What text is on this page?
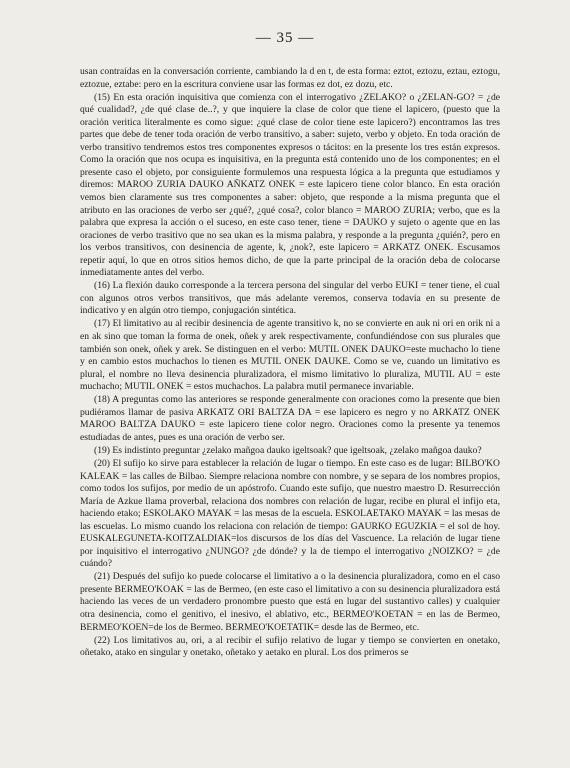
— 35 —

usan contraídas en la conversación corriente, cambiando la d en t, de esta forma: eztot, eztozu, eztau, eztogu, eztozue, eztabe: pero en la escritura conviene usar las formas ez dot, ez dozu, etc.

(15) En esta oración inquisitiva que comienza con el interrogativo ¿ZELAKO? o ¿ZELAN-GO? = ¿de qué cualidad?, ¿de qué clase de..?, y que inquiere la clase de color que tiene el lapicero, (puesto que la oración veritica literalmente es como sigue: ¿qué clase de color tiene este lapicero?) encontramos las tres partes que debe de tener toda oración de verbo transitivo, a saber: sujeto, verbo y objeto. En toda oración de verbo transitivo tendremos estos tres componentes expresos o tácitos: en la presente los tres están expresos. Como la oración que nos ocupa es inquisitiva, en la pregunta está contenido uno de los componentes; en el presente caso el objeto, por consiguiente formulemos una respuesta lógica a la pregunta que estudiamos y diremos: MAROO ZURIA DAUKO AÑKATZ ONEK = este lapicero tiene color blanco. En esta oración vemos bien claramente sus tres componentes a saber: objeto, que responde a la misma pregunta que el atributo en las oraciones de verbo ser ¿qué?, ¿qué cosa?, color blanco = MAROO ZURIA; verbo, que es la palabra que expresa la acción o el suceso, en este caso tener, tiene = DAUKO y sujeto o agente que en las oraciones de verbo trasitivo que no sea ukan es la misma palabra, y responde a la pregunta ¿quién?, pero en los verbos transitivos, con desinencia de agente, k, ¿nok?, este lapicero = ARKATZ ONEK. Escusamos repetir aquí, lo que en otros sitios hemos dicho, de que la parte principal de la oración deba de colocarse inmediatamente antes del verbo.

(16) La flexión dauko corresponde a la tercera persona del singular del verbo EUKI = tener tiene, el cual con algunos otros verbos transitivos, que más adelante veremos, conserva todavía en su presente de indicativo y en algún otro tiempo, conjugación sintética.

(17) El limitativo au al recibir desinencia de agente transitivo k, no se convierte en auk ni ori en orik ni a en ak sino que toman la forma de onek, oñek y arek respectivamente, confundiéndose con sus plurales que también son onek, oñek y arek. Se distinguen en el verbo: MUTIL ONEK DAUKO=este muchacho lo tiene y en cambio estos muchachos lo tienen es MUTIL ONEK DAUKE. Como se ve, cuando un limitativo es plural, el nombre no lleva desinencia pluralizadora, el mismo limitativo lo pluraliza, MUTIL AU = este muchacho; MUTIL ONEK = estos muchachos. La palabra mutil permanece invariable.

(18) A preguntas como las anteriores se responde generalmente con oraciones como la presente que bien pudiéramos llamar de pasiva ARKATZ ORI BALTZA DA = ese lapicero es negro y no ARKATZ ONEK MAROO BALTZA DAUKO = este lapicero tiene color negro. Oraciones como la presente ya tenemos estudiadas de antes, pues es una oración de verbo ser.

(19) Es indistinto preguntar ¿zelako mañgoa dauko igeltsoak? que igeltsoak, ¿zelako mañgoa dauko?

(20) El sufijo ko sirve para establecer la relación de lugar o tiempo. En este caso es de lugar: BILBO'KO KALEAK = las calles de Bilbao. Siempre relaciona nombre con nombre, y se separa de los nombres propios, como todos los sufijos, por medio de un apóstrofo. Cuando este sufijo, que nuestro maestro D. Resurrección María de Azkue llama proverbal, relaciona dos nombres con relación de lugar, recibe en plural el infijo eta, haciendo etako; ESKOLAKO MAYAK = las mesas de la escuela. ESKOLAETAKO MAYAK = las mesas de las escuelas. Lo mismo cuando los relaciona con relación de tiempo: GAURKO EGUZKIA = el sol de hoy. EUSKALEGUNETA-KOITZALDIAK=los discursos de los días del Vascuence. La relación de lugar tiene por inquisitivo el interrogativo ¿NUNGO? ¿de dónde? y la de tiempo el interrogativo ¿NOIZKO? = ¿de cuándo?

(21) Después del sufijo ko puede colocarse el limitativo a o la desinencia pluralizadora, como en el caso presente BERMEO'KOAK = las de Bermeo, (en este caso el limitativo a con su desinencia pluralizadora está haciendo las veces de un verdadero pronombre puesto que está en lugar del sustantivo calles) y cualquier otra desinencia, como el genitivo, el inesivo, el ablativo, etc., BERMEO'KOETAN = en las de Bermeo, BERMEO'KOEN=de los de Bermeo. BERMEO'KOETATIK= desde las de Bermeo, etc.

(22) Los limitativos au, ori, a al recibir el sufijo relativo de lugar y tiempo se convierten en onetako, oñetako, atako en singular y onetako, oñetako y aetako en plural. Los dos primeros se
